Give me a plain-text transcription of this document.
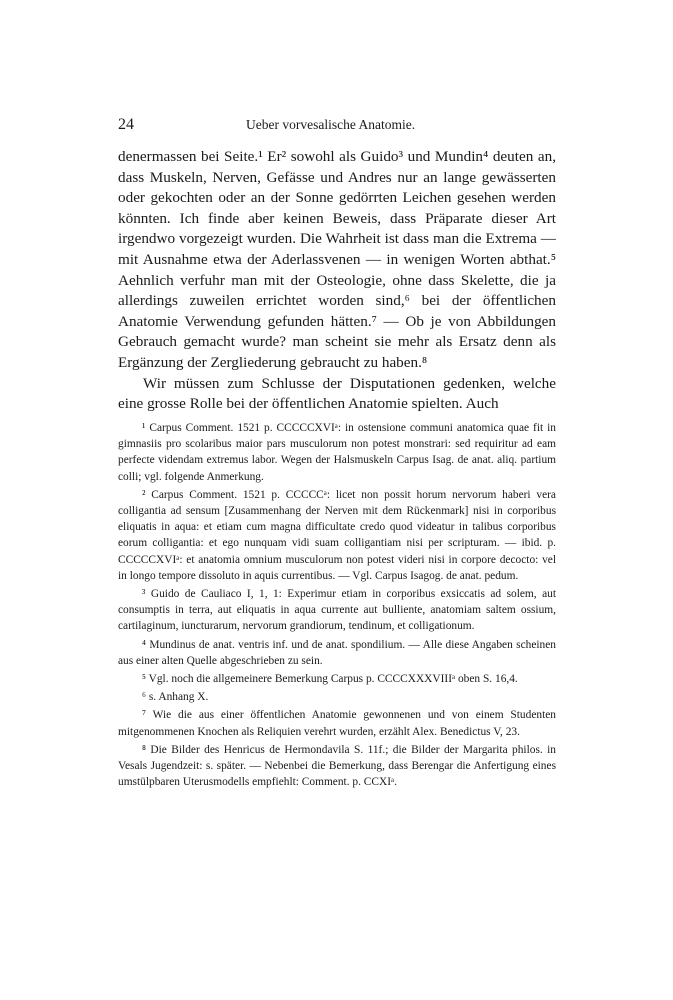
24	Ueber vorvesalische Anatomie.

denermassen bei Seite.¹ Er² sowohl als Guido³ und Mundin⁴ deuten an, dass Muskeln, Nerven, Gefässe und Andres nur an lange gewässerten oder gekochten oder an der Sonne gedörrten Leichen gesehen werden könnten. Ich finde aber keinen Beweis, dass Präparate dieser Art irgendwo vorgezeigt wurden. Die Wahrheit ist dass man die Extrema — mit Ausnahme etwa der Aderlassvenen — in wenigen Worten abthat.⁵ Aehnlich verfuhr man mit der Osteologie, ohne dass Skelette, die ja allerdings zuweilen errichtet worden sind,⁶ bei der öffentlichen Anatomie Verwendung gefunden hätten.⁷ — Ob je von Abbildungen Gebrauch gemacht wurde? man scheint sie mehr als Ersatz denn als Ergänzung der Zergliederung gebraucht zu haben.⁸

Wir müssen zum Schlusse der Disputationen gedenken, welche eine grosse Rolle bei der öffentlichen Anatomie spielten. Auch

¹ Carpus Comment. 1521 p. CCCCCXVIᵃ: in ostensione communi anatomica quae fit in gimnasiis pro scolaribus maior pars musculorum non potest monstrari: sed requiritur ad eam perfecte videndam extremus labor. Wegen der Halsmuskeln Carpus Isag. de anat. aliq. partium colli; vgl. folgende Anmerkung.

² Carpus Comment. 1521 p. CCCCCᵃ: licet non possit horum nervorum haberi vera colligantia ad sensum [Zusammenhang der Nerven mit dem Rückenmark] nisi in corporibus eliquatis in aqua: et etiam cum magna difficultate credo quod videatur in talibus corporibus eorum colligantia: et ego nunquam vidi suam colligantiam nisi per scripturam. — ibid. p. CCCCCXVIᵃ: et anatomia omnium musculorum non potest videri nisi in corpore decocto: vel in longo tempore dissoluto in aquis currentibus. — Vgl. Carpus Isagog. de anat. pedum.

³ Guido de Cauliaco I, 1, 1: Experimur etiam in corporibus exsiccatis ad solem, aut consumptis in terra, aut eliquatis in aqua currente aut bulliente, anatomiam saltem ossium, cartilaginum, iuncturarum, nervorum grandiorum, tendinum, et colligationum.

⁴ Mundinus de anat. ventris inf. und de anat. spondilium. — Alle diese Angaben scheinen aus einer alten Quelle abgeschrieben zu sein.

⁵ Vgl. noch die allgemeinere Bemerkung Carpus p. CCCCXXXVIIIᵃ oben S. 16,4.

⁶ s. Anhang X.

⁷ Wie die aus einer öffentlichen Anatomie gewonnenen und von einem Studenten mitgenommenen Knochen als Reliquien verehrt wurden, erzählt Alex. Benedictus V, 23.

⁸ Die Bilder des Henricus de Hermondavila S. 11f.; die Bilder der Margarita philos. in Vesals Jugendzeit: s. später. — Nebenbei die Bemerkung, dass Berengar die Anfertigung eines umstülpbaren Uterusmodells empfiehlt: Comment. p. CCXIᵃ.
